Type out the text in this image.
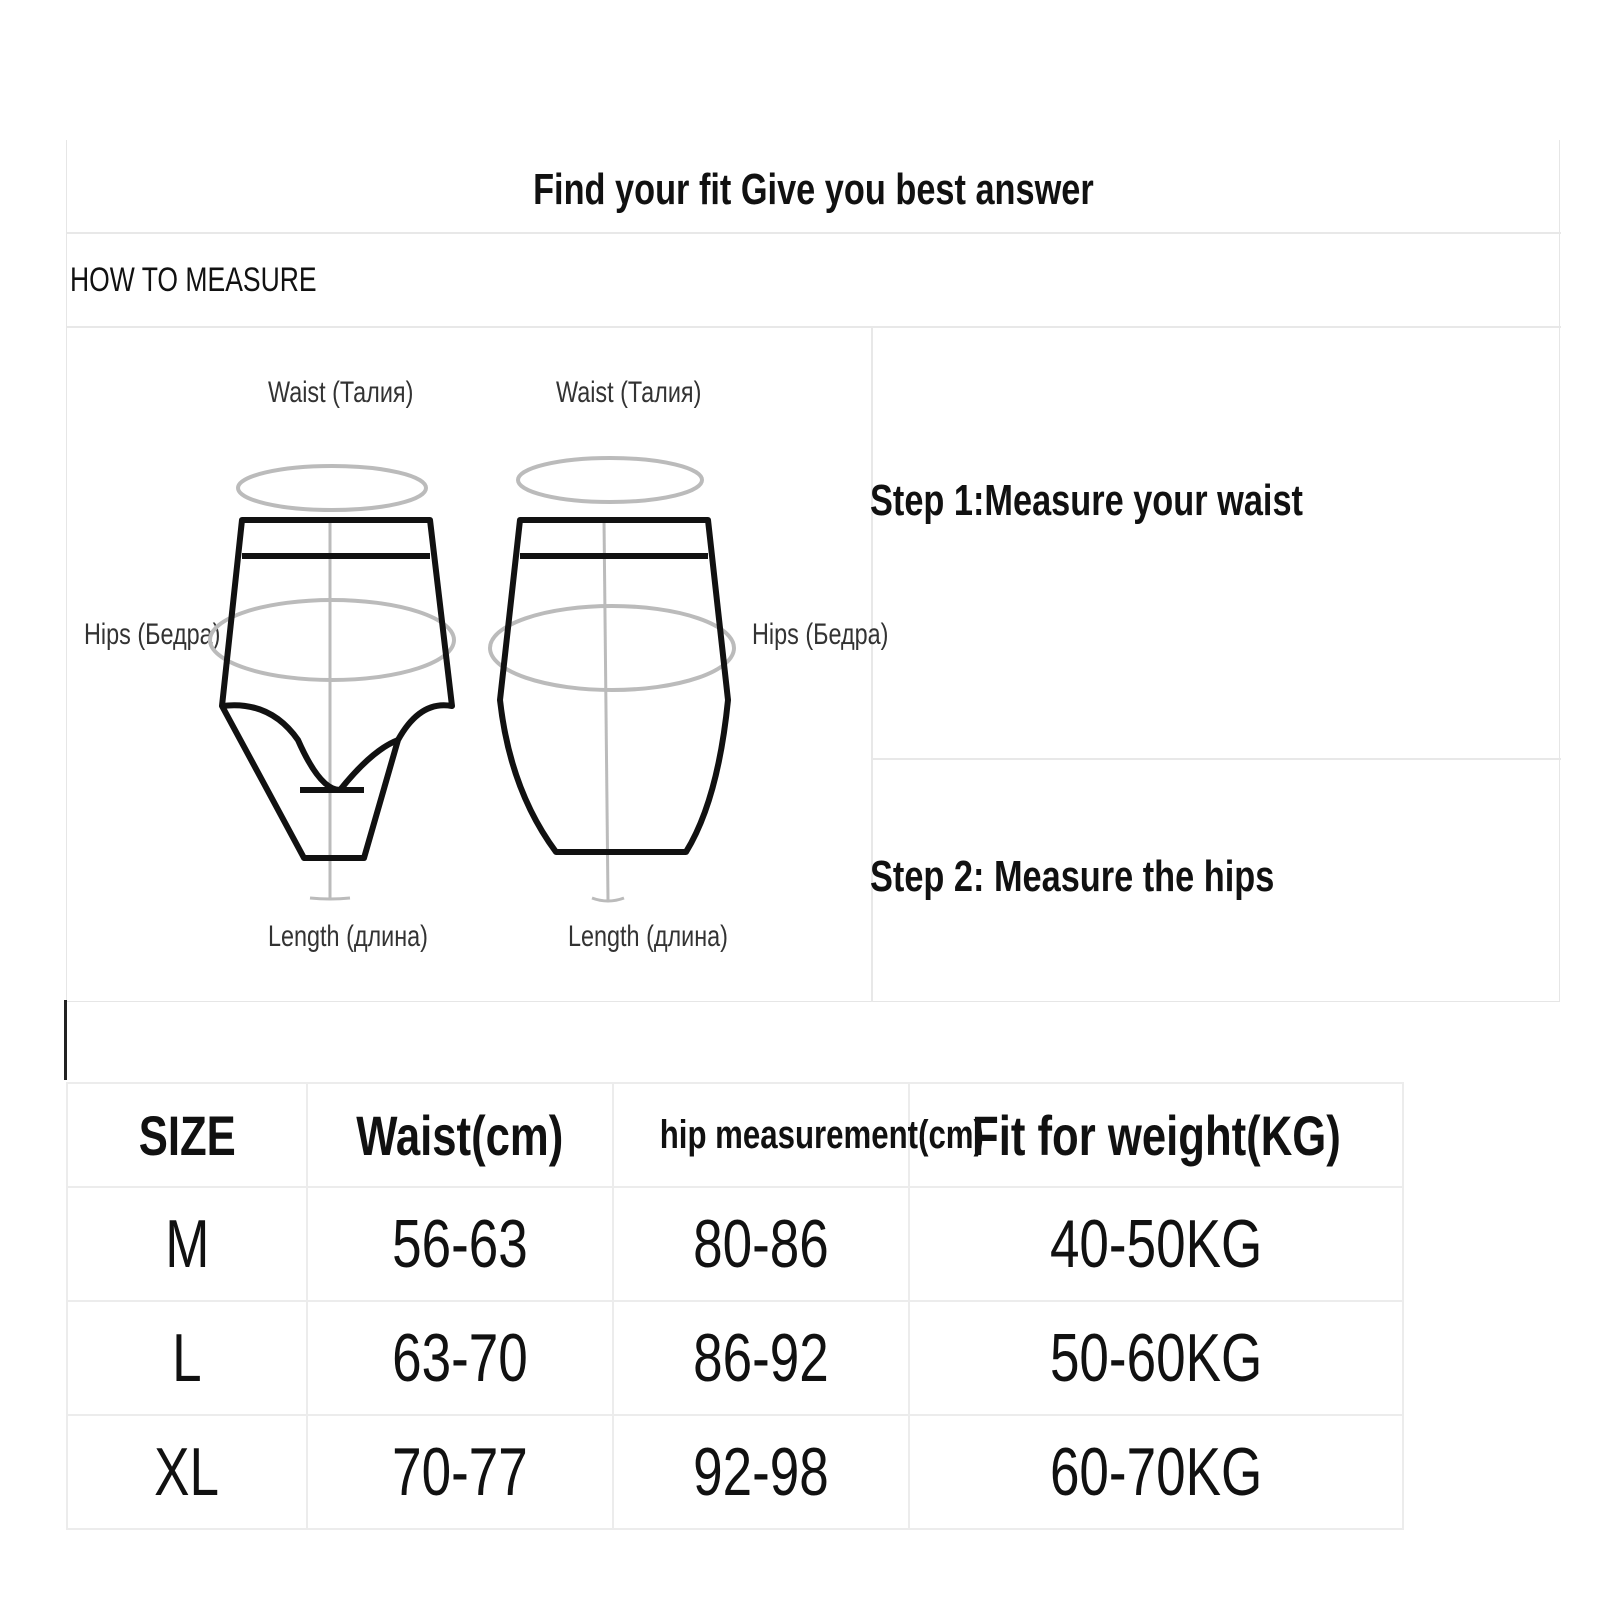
Find your fit Give you best answer
HOW TO MEASURE
Waist (Талия)
Hips (Бедра)
Length (длина)
Waist (Талия)
Hips (Бедра)
Length (длина)
Step 1:Measure your waist
Step 2: Measure the hips
SIZE	Waist(cm)	hip measurement(cm)	Fit for weight(KG)
M	56-63	80-86	40-50KG
L	63-70	86-92	50-60KG
XL	70-77	92-98	60-70KG
